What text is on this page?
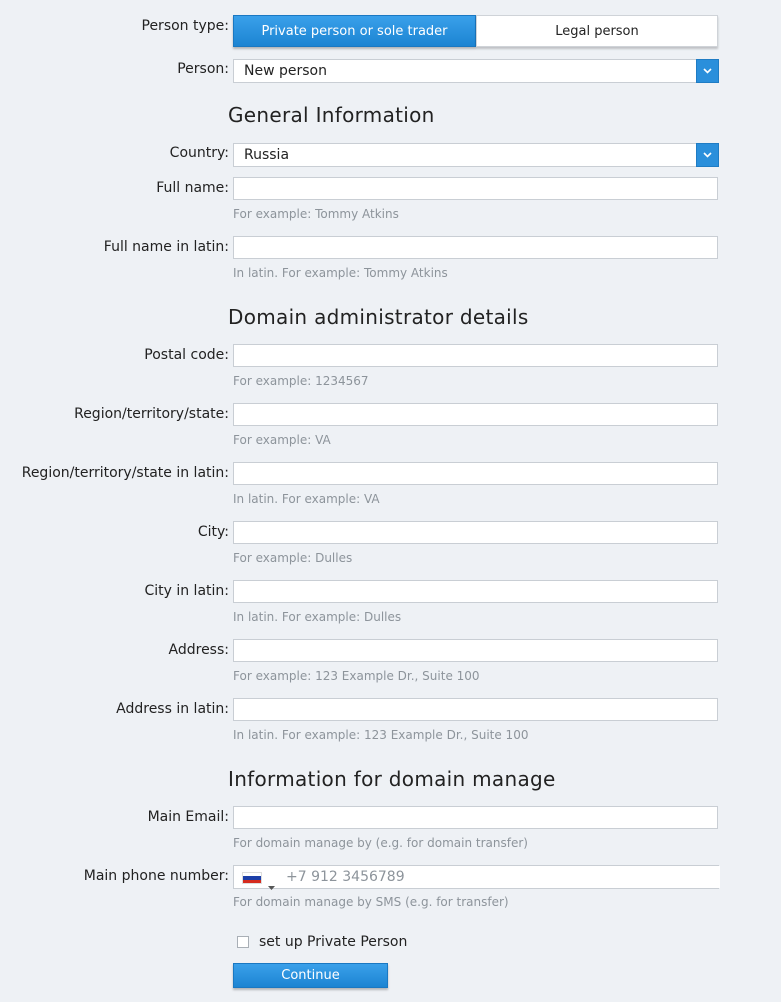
Person type:	Private person or sole trader	Legal person
Person:	New person
General Information
Country:	Russia
Full name:
For example: Tommy Atkins
Full name in latin:
In latin. For example: Tommy Atkins
Domain administrator details
Postal code:
For example: 1234567
Region/territory/state:
For example: VA
Region/territory/state in latin:
In latin. For example: VA
City:
For example: Dulles
City in latin:
In latin. For example: Dulles
Address:
For example: 123 Example Dr., Suite 100
Address in latin:
In latin. For example: 123 Example Dr., Suite 100
Information for domain manage
Main Email:
For domain manage by (e.g. for domain transfer)
Main phone number:
+7 912 3456789
For domain manage by SMS (e.g. for transfer)
set up Private Person
Continue
